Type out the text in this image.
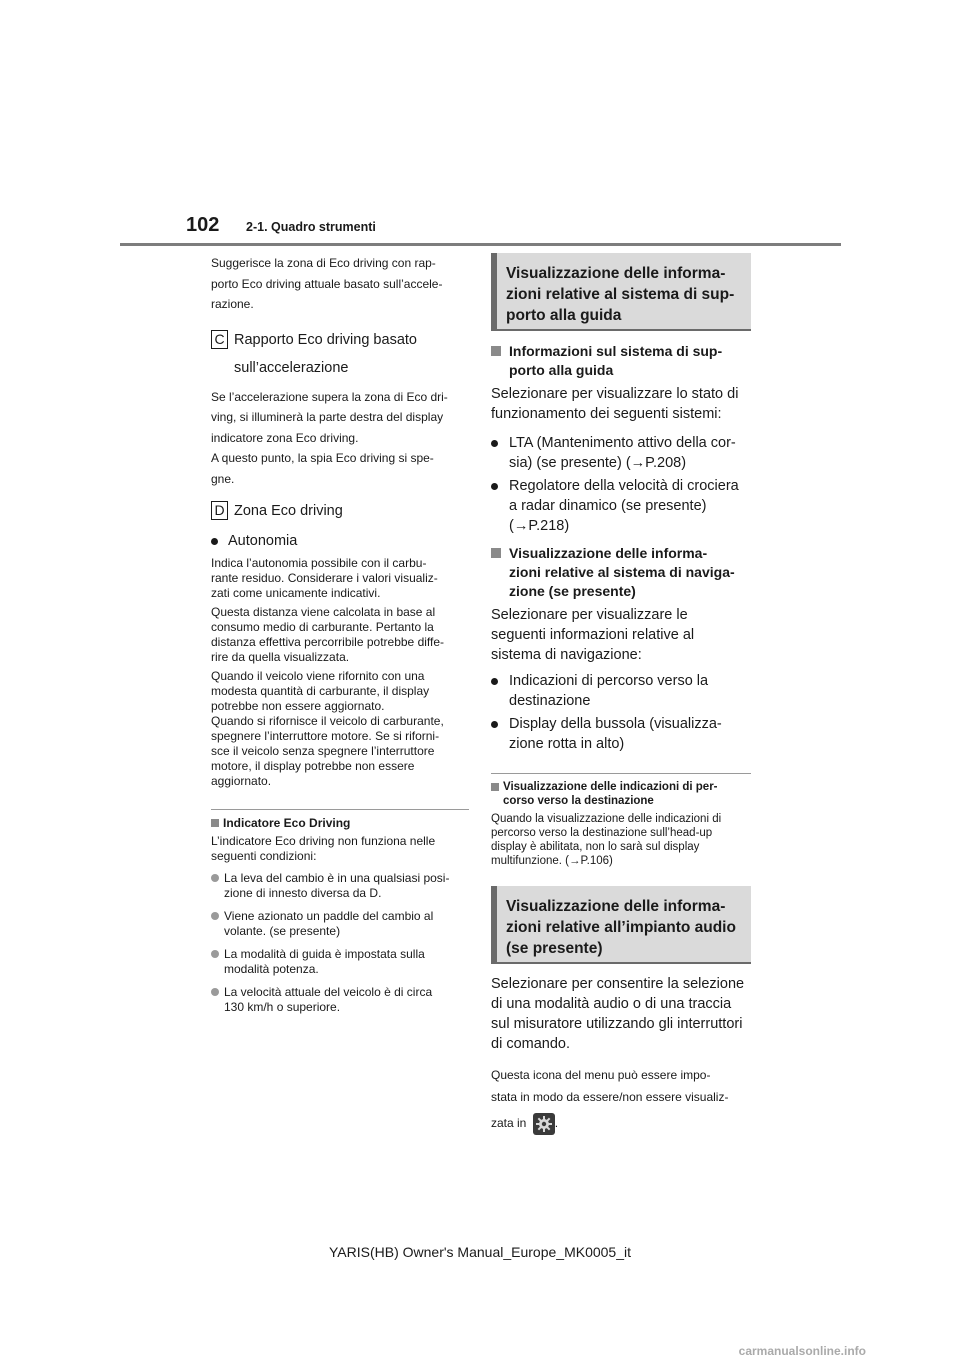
102 2-1. Quadro strumenti

Suggerisce la zona di Eco driving con rap-

porto Eco driving attuale basato sull’accele-

razione.

C Rapporto Eco driving basato
sull’accelerazione

Se l’accelerazione supera la zona di Eco dri-

ving, si illuminerà la parte destra del display

indicatore zona Eco driving.

A questo punto, la spia Eco driving si spe-

gne.

D Zona Eco driving
Autonomia

Indica l’autonomia possibile con il carbu-

rante residuo. Considerare i valori visualiz-

zati come unicamente indicativi.

Questa distanza viene calcolata in base al

consumo medio di carburante. Pertanto la

distanza effettiva percorribile potrebbe diffe-

rire da quella visualizzata.

Quando il veicolo viene rifornito con una

modesta quantità di carburante, il display

potrebbe non essere aggiornato.

Quando si rifornisce il veicolo di carburante,

spegnere l’interruttore motore. Se si riforni-

sce il veicolo senza spegnere l’interruttore

motore, il display potrebbe non essere

aggiornato.

Indicatore Eco Driving

L’indicatore Eco driving non funziona nelle

seguenti condizioni:

La leva del cambio è in una qualsiasi posi-
zione di innesto diversa da D.
Viene azionato un paddle del cambio al
volante. (se presente)
La modalità di guida è impostata sulla
modalità potenza.
La velocità attuale del veicolo è di circa
130 km/h o superiore.

Visualizzazione delle informa-

zioni relative al sistema di sup-

porto alla guida

Informazioni sul sistema di sup-
porto alla guida

Selezionare per visualizzare lo stato di

funzionamento dei seguenti sistemi:

LTA (Mantenimento attivo della cor-
sia) (se presente) (→P.208)
Regolatore della velocità di crociera
a radar dinamico (se presente)
(→P.218)
Visualizzazione delle informa-
zioni relative al sistema di naviga-
zione (se presente)

Selezionare per visualizzare le

seguenti informazioni relative al

sistema di navigazione:

Indicazioni di percorso verso la
destinazione
Display della bussola (visualizza-
zione rotta in alto)
Visualizzazione delle indicazioni di per-
corso verso la destinazione

Quando la visualizzazione delle indicazioni di

percorso verso la destinazione sull’head-up

display è abilitata, non lo sarà sul display

multifunzione. (→P.106)

Visualizzazione delle informa-

zioni relative all’impianto audio

(se presente)

Selezionare per consentire la selezione

di una modalità audio o di una traccia

sul misuratore utilizzando gli interruttori

di comando.

Questa icona del menu può essere impo-

stata in modo da essere/non essere visualiz-

zata in .

YARIS(HB) Owner's Manual_Europe_MK0005_it
carmanualsonline.info
